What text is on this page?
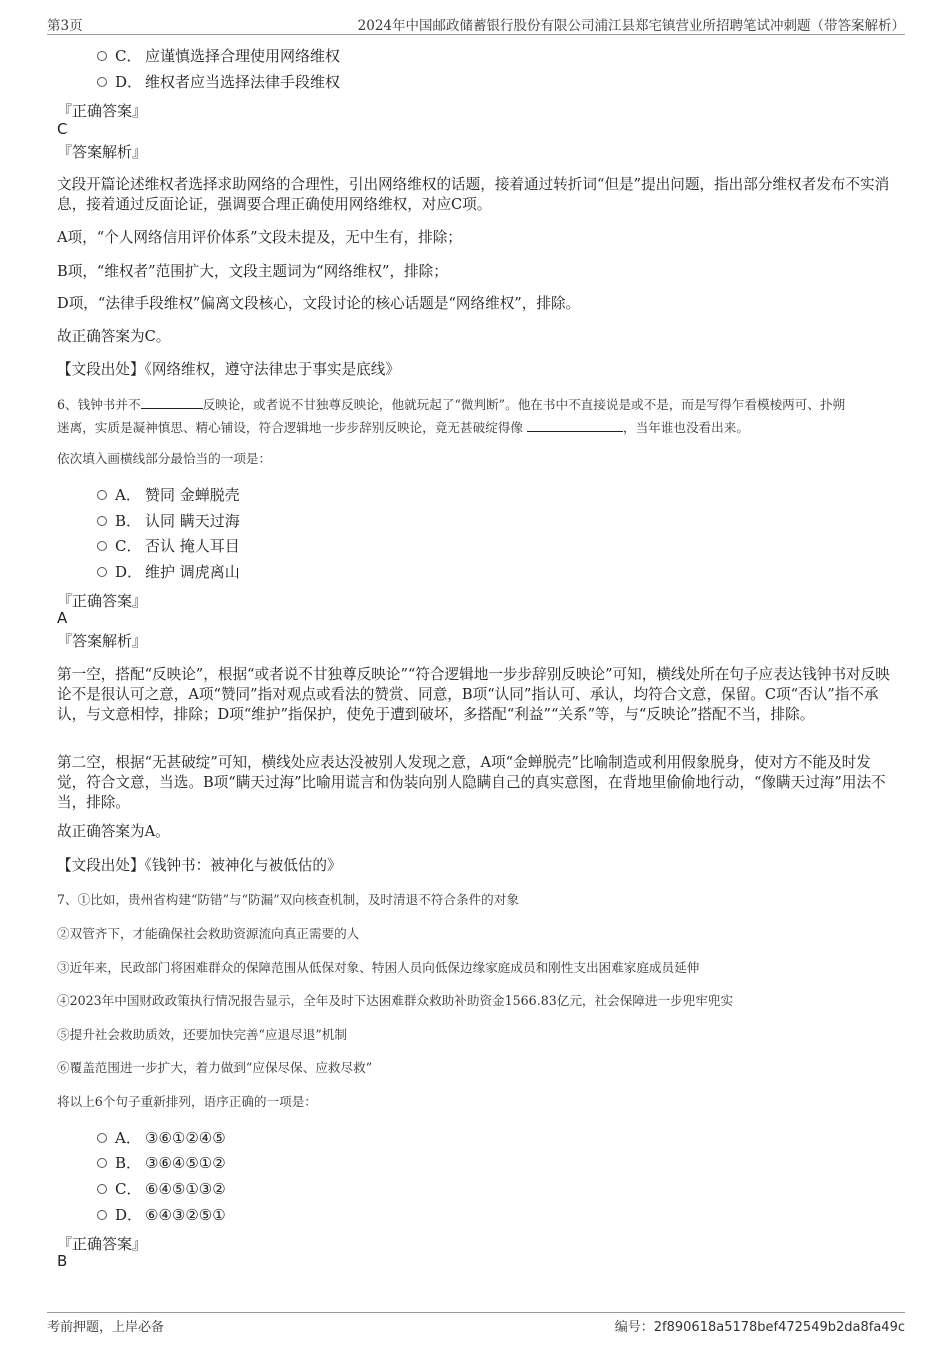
第3页	2024年中国邮政储蓄银行股份有限公司浦江县郑宅镇营业所招聘笔试冲刺题（带答案解析）
C． 应谨慎选择合理使用网络维权
D． 维权者应当选择法律手段维权
『正确答案』
C
『答案解析』
文段开篇论述维权者选择求助网络的合理性，引出网络维权的话题，接着通过转折词“但是”提出问题，指出部分维权者发布不实消息，接着通过反面论证，强调要合理正确使用网络维权，对应C项。
A项，“个人网络信用评价体系”文段未提及，无中生有，排除；
B项，“维权者”范围扩大，文段主题词为“网络维权”，排除；
D项，“法律手段维权”偏离文段核心，文段讨论的核心话题是“网络维权”，排除。
故正确答案为C。
【文段出处】《网络维权，遵守法律忠于事实是底线》
6、钱钟书并不	反映论，或者说不甘独尊反映论，他就玩起了“微判断”。他在书中不直接说是或不是，而是写得乍看模棱两可、扑朔
迷离，实质是凝神慎思、精心铺设，符合逻辑地一步步辞别反映论，竟无甚破绽得像	，当年谁也没看出来。
依次填入画横线部分最恰当的一项是：
A． 赞同 金蝉脱壳
B． 认同 瞒天过海
C． 否认 掩人耳目
D． 维护 调虎离山
『正确答案』
A
『答案解析』
第一空，搭配“反映论”，根据“或者说不甘独尊反映论”“符合逻辑地一步步辞别反映论”可知，横线处所在句子应表达钱钟书对反映论不是很认可之意，A项“赞同”指对观点或看法的赞赏、同意，B项“认同”指认可、承认，均符合文意，保留。C项“否认”指不承认，与文意相悖，排除；D项“维护”指保护，使免于遭到破坏，多搭配“利益”“关系”等，与“反映论”搭配不当，排除。
第二空，根据“无甚破绽”可知，横线处应表达没被别人发现之意，A项“金蝉脱壳”比喻制造或利用假象脱身，使对方不能及时发觉，符合文意，当选。B项“瞒天过海”比喻用谎言和伪装向别人隐瞒自己的真实意图，在背地里偷偷地行动，“像瞒天过海”用法不当，排除。
故正确答案为A。
【文段出处】《钱钟书：被神化与被低估的》
7、①比如，贵州省构建“防错”与“防漏”双向核查机制，及时清退不符合条件的对象
②双管齐下，才能确保社会救助资源流向真正需要的人
③近年来，民政部门将困难群众的保障范围从低保对象、特困人员向低保边缘家庭成员和刚性支出困难家庭成员延伸
④2023年中国财政政策执行情况报告显示，全年及时下达困难群众救助补助资金1566.83亿元，社会保障进一步兜牢兜实
⑤提升社会救助质效，还要加快完善“应退尽退”机制
⑥覆盖范围进一步扩大，着力做到“应保尽保、应救尽救”
将以上6个句子重新排列，语序正确的一项是：
A． ③⑥①②④⑤
B． ③⑥④⑤①②
C． ⑥④⑤①③②
D． ⑥④③②⑤①
『正确答案』
B
考前押题，上岸必备	编号：2f890618a5178bef472549b2da8fa49c
